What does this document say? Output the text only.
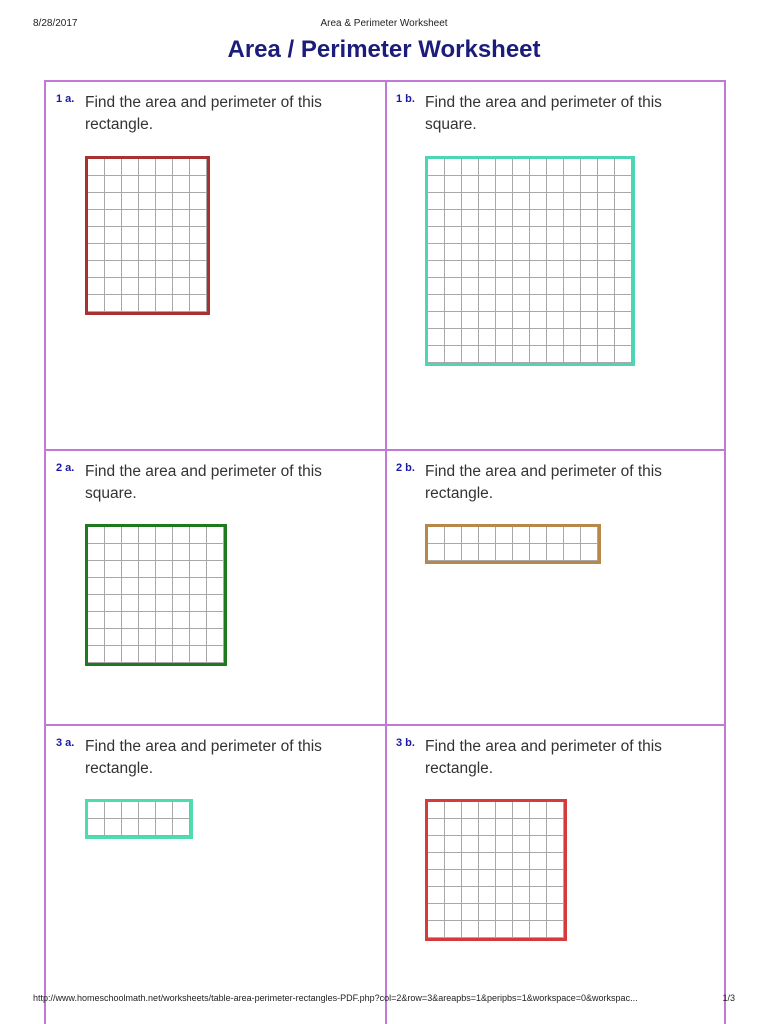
8/28/2017	Area & Perimeter Worksheet
Area / Perimeter Worksheet
1 a. Find the area and perimeter of this rectangle.
1 b. Find the area and perimeter of this square.
2 a. Find the area and perimeter of this square.
2 b. Find the area and perimeter of this rectangle.
3 a. Find the area and perimeter of this rectangle.
3 b. Find the area and perimeter of this rectangle.
http://www.homeschoolmath.net/worksheets/table-area-perimeter-rectangles-PDF.php?col=2&row=3&areapbs=1&peripbs=1&workspace=0&workspac...	1/3
